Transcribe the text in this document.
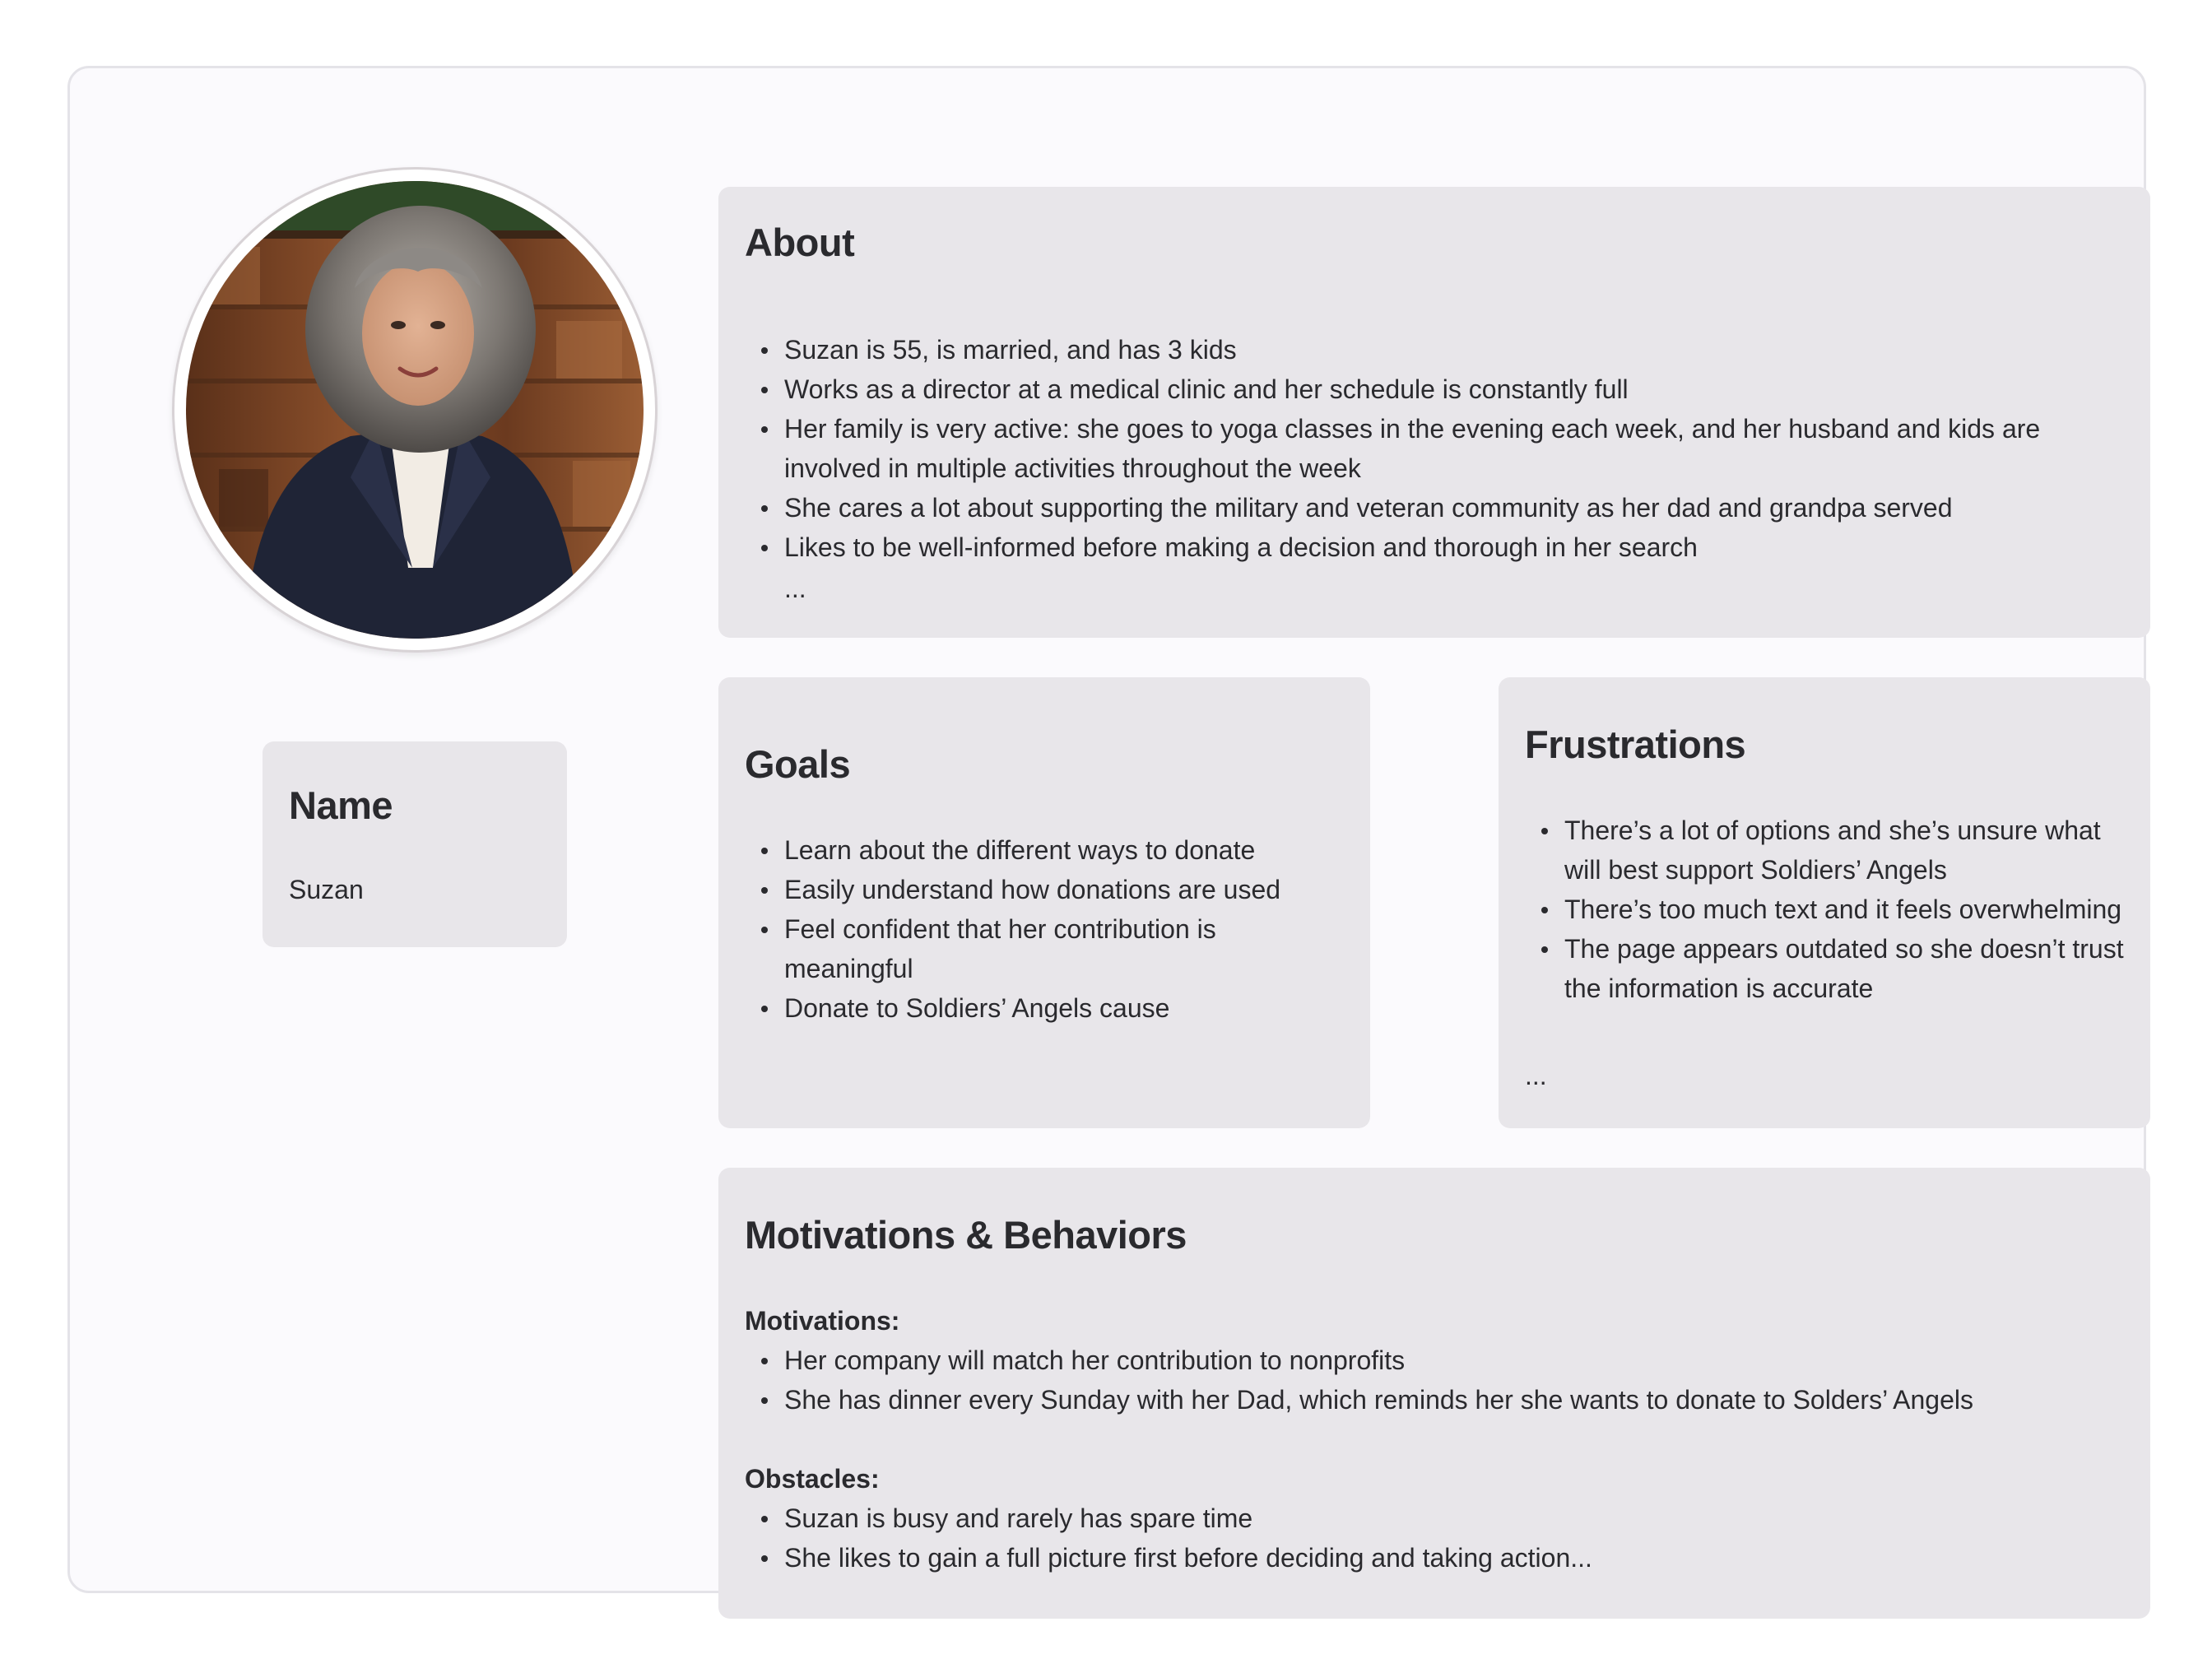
Name
Suzan
About
Suzan is 55, is married, and has 3 kids
Works as a director at a medical clinic and her schedule is constantly full
Her family is very active: she goes to yoga classes in the evening each week, and her husband and kids are involved in multiple activities throughout the week
She cares a lot about supporting the military and veteran community as her dad and grandpa served
Likes to be well-informed before making a decision and thorough in her search
...
Goals
Learn about the different ways to donate
Easily understand how donations are used
Feel confident that her contribution is meaningful
Donate to Soldiers’ Angels cause
Frustrations
There’s a lot of options and she’s unsure what will best support Soldiers’ Angels
There’s too much text and it feels overwhelming
The page appears outdated so she doesn’t trust the information is accurate
...
Motivations & Behaviors
Motivations:
Her company will match her contribution to nonprofits
She has dinner every Sunday with her Dad, which reminds her she wants to donate to Solders’ Angels
Obstacles:
Suzan is busy and rarely has spare time
She likes to gain a full picture first before deciding and taking action...
